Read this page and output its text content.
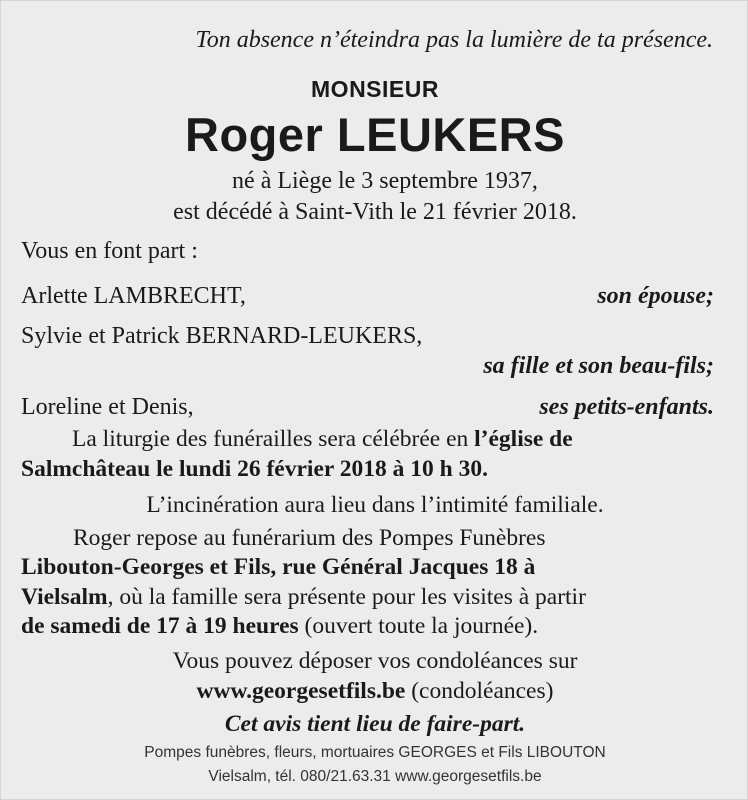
Ton absence n’éteindra pas la lumière de ta présence.
MONSIEUR
Roger LEUKERS
né à Liège le 3 septembre 1937,
est décédé à Saint-Vith le 21 février 2018.
Vous en font part :
Arlette LAMBRECHT,	son épouse;
Sylvie et Patrick BERNARD-LEUKERS,
sa fille et son beau-fils;
Loreline et Denis,	ses petits-enfants.
La liturgie des funérailles sera célébrée en l’église de
Salmchâteau le lundi 26 février 2018 à 10 h 30.
L’incinération aura lieu dans l’intimité familiale.
Roger repose au funérarium des Pompes Funèbres
Libouton-Georges et Fils, rue Général Jacques 18 à
Vielsalm, où la famille sera présente pour les visites à partir
de samedi de 17 à 19 heures (ouvert toute la journée).
Vous pouvez déposer vos condoléances sur
www.georgesetfils.be (condoléances)
Cet avis tient lieu de faire-part.
Pompes funèbres, fleurs, mortuaires GEORGES et Fils LIBOUTON
Vielsalm, tél. 080/21.63.31 www.georgesetfils.be
